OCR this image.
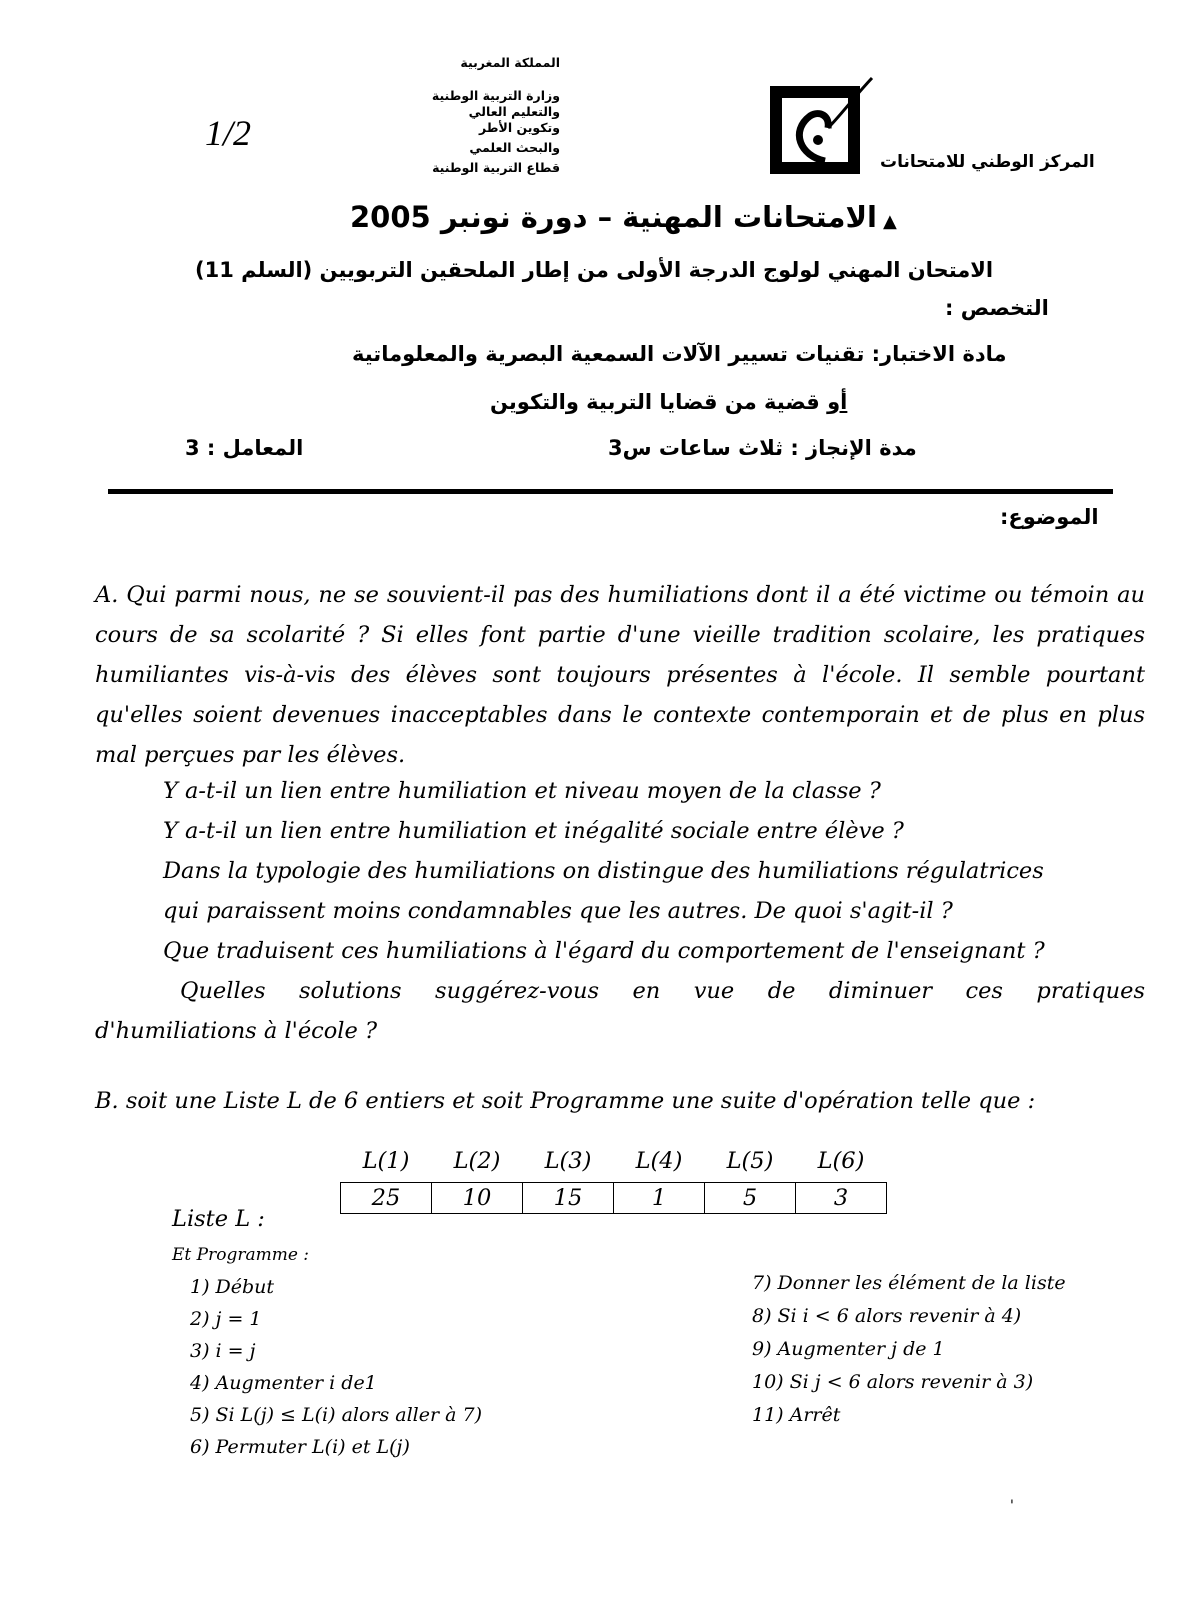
1/2
المملكة المغربية
وزارة التربية الوطنية
والتعليم العالي
وتكوين الأطر
والبحث العلمي
قطاع التربية الوطنية	المركز الوطني للامتحانات
الامتحانات المهنية – دورة نونبر 2005 ▲
الامتحان المهني لولوج الدرجة الأولى من إطار الملحقين التربويين (السلم 11)
التخصص :
مادة الاختبار: تقنيات تسيير الآلات السمعية البصرية والمعلوماتية
أو قضية من قضايا التربية والتكوين
مدة الإنجاز : ثلاث ساعات س3
المعامل : 3
الموضوع:
A. Qui parmi nous, ne se souvient-il pas des humiliations dont il a été victime ou témoin au cours de sa scolarité ? Si elles font partie d'une vieille tradition scolaire, les pratiques humiliantes vis-à-vis des élèves sont toujours présentes à l'école. Il semble pourtant qu'elles soient devenues inacceptables dans le contexte contemporain et de plus en plus mal perçues par les élèves.
Y a-t-il un lien entre humiliation et niveau moyen de la classe ?
Y a-t-il un lien entre humiliation et inégalité sociale entre élève ?
Dans la typologie des humiliations on distingue des humiliations régulatrices
qui paraissent moins condamnables que les autres. De quoi s'agit-il ?
Que traduisent ces humiliations à l'égard du comportement de l'enseignant ?
Quelles solutions suggérez-vous en vue de diminuer ces pratiques
d'humiliations à l'école ?
B. soit une Liste L de 6 entiers et soit Programme une suite d'opération telle que :
L(1)	L(2)	L(3)	L(4)	L(5)	L(6)
25	10	15	1	5	3
Liste L :
Et Programme :
1) Début
2) j = 1
3) i = j
4) Augmenter i de1
5) Si L(j) ≤ L(i) alors aller à 7)
6) Permuter L(i) et L(j)
7) Donner les élément de la liste
8) Si i < 6 alors revenir à 4)
9) Augmenter j de 1
10) Si j < 6 alors revenir à 3)
11) Arrêt
'
